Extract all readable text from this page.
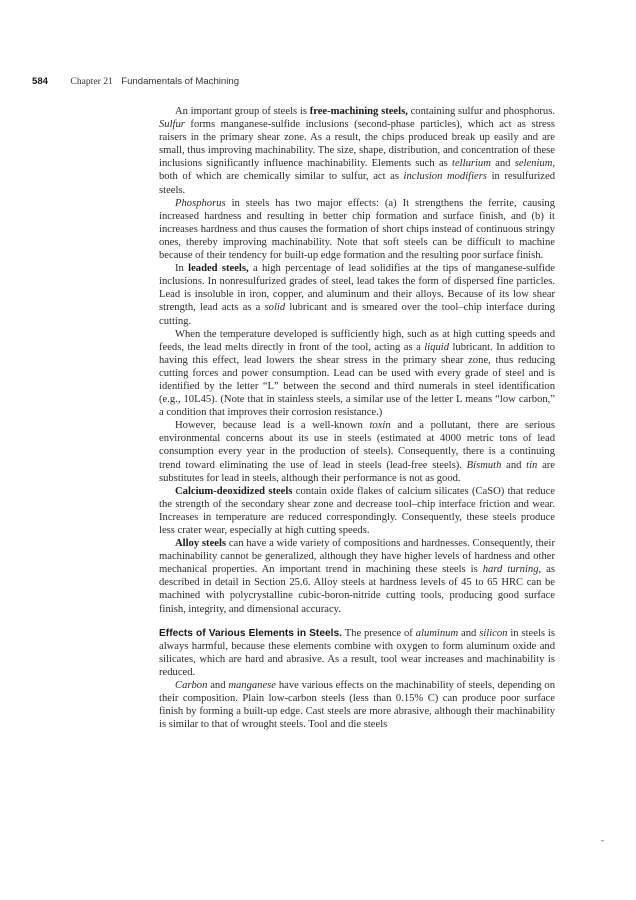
584 Chapter 21 Fundamentals of Machining

An important group of steels is free-machining steels, containing sulfur and phosphorus. Sulfur forms manganese-sulfide inclusions (second-phase particles), which act as stress raisers in the primary shear zone. As a result, the chips produced break up easily and are small, thus improving machinability. The size, shape, distribution, and concentration of these inclusions significantly influence machinability. Elements such as tellurium and selenium, both of which are chemically similar to sulfur, act as inclusion modifiers in resulfurized steels.

Phosphorus in steels has two major effects: (a) It strengthens the ferrite, causing increased hardness and resulting in better chip formation and surface finish, and (b) it increases hardness and thus causes the formation of short chips instead of continuous stringy ones, thereby improving machinability. Note that soft steels can be difficult to machine because of their tendency for built-up edge formation and the resulting poor surface finish.

In leaded steels, a high percentage of lead solidifies at the tips of manganese-sulfide inclusions. In nonresulfurized grades of steel, lead takes the form of dispersed fine particles. Lead is insoluble in iron, copper, and aluminum and their alloys. Because of its low shear strength, lead acts as a solid lubricant and is smeared over the tool–chip interface during cutting.

When the temperature developed is sufficiently high, such as at high cutting speeds and feeds, the lead melts directly in front of the tool, acting as a liquid lubricant. In addition to having this effect, lead lowers the shear stress in the primary shear zone, thus reducing cutting forces and power consumption. Lead can be used with every grade of steel and is identified by the letter “L” between the second and third numerals in steel identification (e.g., 10L45). (Note that in stainless steels, a similar use of the letter L means “low carbon,” a condition that improves their corrosion resistance.)

However, because lead is a well-known toxin and a pollutant, there are serious environmental concerns about its use in steels (estimated at 4000 metric tons of lead consumption every year in the production of steels). Consequently, there is a continuing trend toward eliminating the use of lead in steels (lead-free steels). Bismuth and tin are substitutes for lead in steels, although their performance is not as good.

Calcium-deoxidized steels contain oxide flakes of calcium silicates (CaSO) that reduce the strength of the secondary shear zone and decrease tool–chip interface friction and wear. Increases in temperature are reduced correspondingly. Consequently, these steels produce less crater wear, especially at high cutting speeds.

Alloy steels can have a wide variety of compositions and hardnesses. Consequently, their machinability cannot be generalized, although they have higher levels of hardness and other mechanical properties. An important trend in machining these steels is hard turning, as described in detail in Section 25.6. Alloy steels at hardness levels of 45 to 65 HRC can be machined with polycrystalline cubic-boron-nitride cutting tools, producing good surface finish, integrity, and dimensional accuracy.

Effects of Various Elements in Steels. The presence of aluminum and silicon in steels is always harmful, because these elements combine with oxygen to form aluminum oxide and silicates, which are hard and abrasive. As a result, tool wear increases and machinability is reduced.

Carbon and manganese have various effects on the machinability of steels, depending on their composition. Plain low-carbon steels (less than 0.15% C) can produce poor surface finish by forming a built-up edge. Cast steels are more abrasive, although their machinability is similar to that of wrought steels. Tool and die steels

-
